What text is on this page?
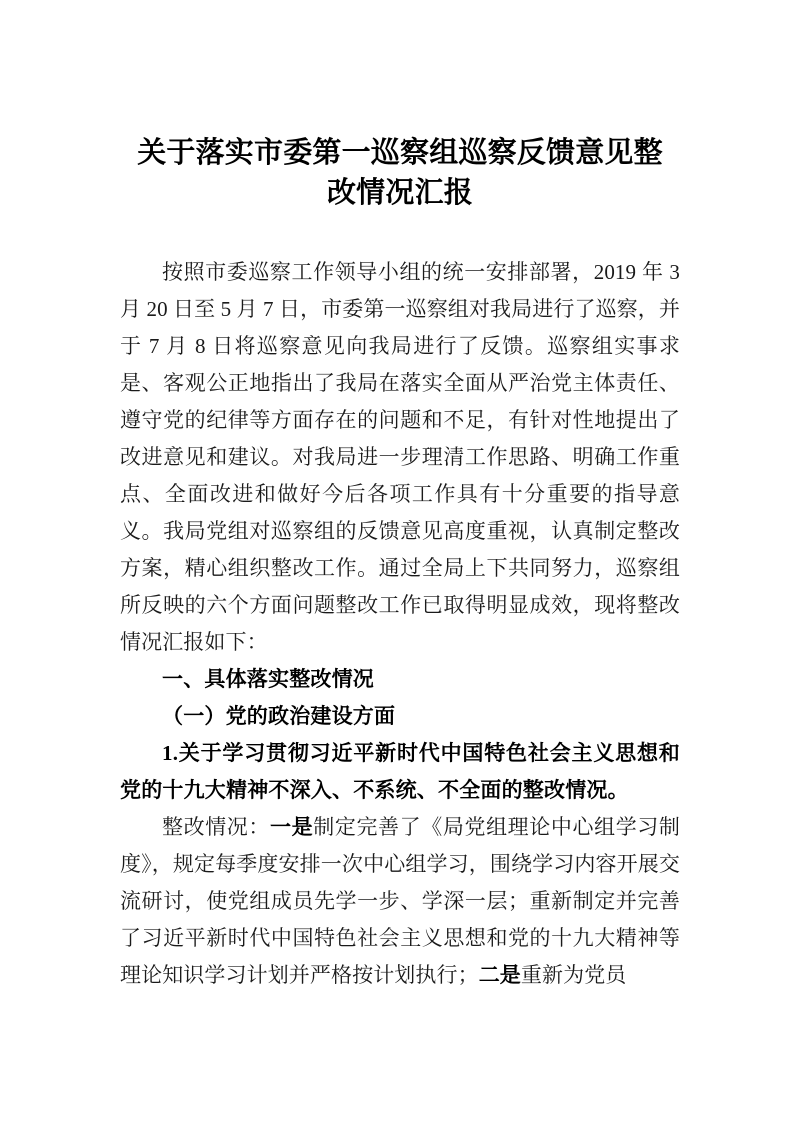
关于落实市委第一巡察组巡察反馈意见整
改情况汇报

按照市委巡察工作领导小组的统一安排部署，2019 年 3 月 20 日至 5 月 7 日，市委第一巡察组对我局进行了巡察，并于 7 月 8 日将巡察意见向我局进行了反馈。巡察组实事求是、客观公正地指出了我局在落实全面从严治党主体责任、遵守党的纪律等方面存在的问题和不足，有针对性地提出了改进意见和建议。对我局进一步理清工作思路、明确工作重点、全面改进和做好今后各项工作具有十分重要的指导意义。我局党组对巡察组的反馈意见高度重视，认真制定整改方案，精心组织整改工作。通过全局上下共同努力，巡察组所反映的六个方面问题整改工作已取得明显成效，现将整改情况汇报如下：

一、具体落实整改情况

（一）党的政治建设方面

1.关于学习贯彻习近平新时代中国特色社会主义思想和党的十九大精神不深入、不系统、不全面的整改情况。

整改情况：一是制定完善了《局党组理论中心组学习制度》，规定每季度安排一次中心组学习，围绕学习内容开展交流研讨，使党组成员先学一步、学深一层；重新制定并完善了习近平新时代中国特色社会主义思想和党的十九大精神等理论知识学习计划并严格按计划执行；二是重新为党员
